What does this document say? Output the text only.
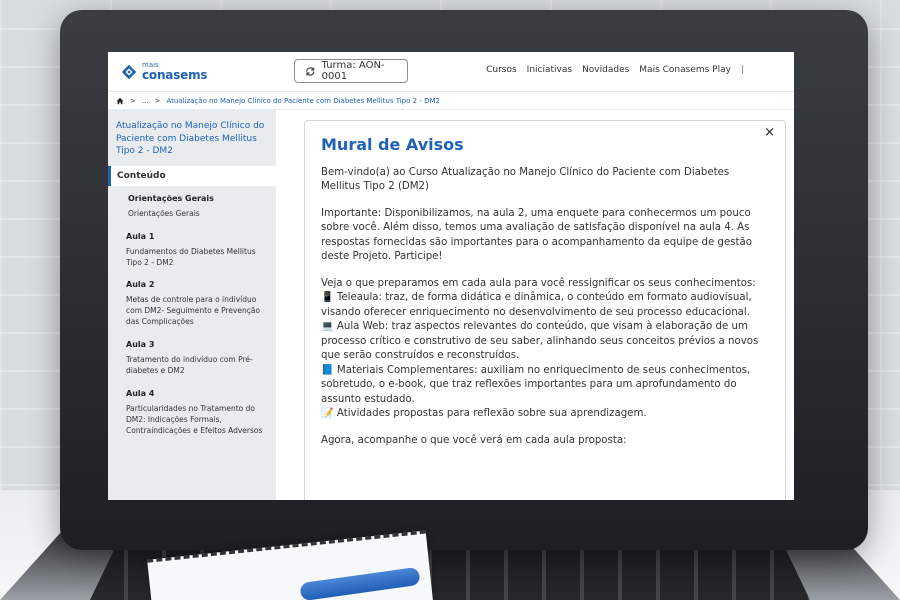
mais
conasems
Turma: AON-0001
Cursos Iniciativas Novidades Mais Conasems Play |
> ... > Atualização no Manejo Clínico do Paciente com Diabetes Mellitus Tipo 2 - DM2
Atualização no Manejo Clínico do Paciente com Diabetes Mellitus Tipo 2 - DM2
Conteúdo
Orientações Gerais

Orientações Gerais

Aula 1

Fundamentos do Diabetes Mellitus Tipo 2 - DM2

Aula 2

Metas de controle para o indivíduo com DM2- Seguimento e Prevenção das Complicações

Aula 3

Tratamento do indivíduo com Pré-diabetes e DM2

Aula 4

Particularidades no Tratamento do DM2: Indicações Formais, Contraindicações e Efeitos Adversos

×
Mural de Avisos
Bem-vindo(a) ao Curso Atualização no Manejo Clínico do Paciente com Diabetes Mellitus Tipo 2 (DM2)
Importante: Disponibilizamos, na aula 2, uma enquete para conhecermos um pouco sobre você. Além disso, temos uma avaliação de satisfação disponível na aula 4. As respostas fornecidas são importantes para o acompanhamento da equipe de gestão deste Projeto. Participe!
Veja o que preparamos em cada aula para você ressignificar os seus conhecimentos:
📱 Teleaula: traz, de forma didática e dinâmica, o conteúdo em formato audiovisual, visando oferecer enriquecimento no desenvolvimento de seu processo educacional.
💻 Aula Web: traz aspectos relevantes do conteúdo, que visam à elaboração de um processo crítico e construtivo de seu saber, alinhando seus conceitos prévios a novos que serão construídos e reconstruídos.
📘 Materiais Complementares: auxiliam no enriquecimento de seus conhecimentos, sobretudo, o e-book, que traz reflexões importantes para um aprofundamento do assunto estudado.
📝 Atividades propostas para reflexão sobre sua aprendizagem.
Agora, acompanhe o que você verá em cada aula proposta:
